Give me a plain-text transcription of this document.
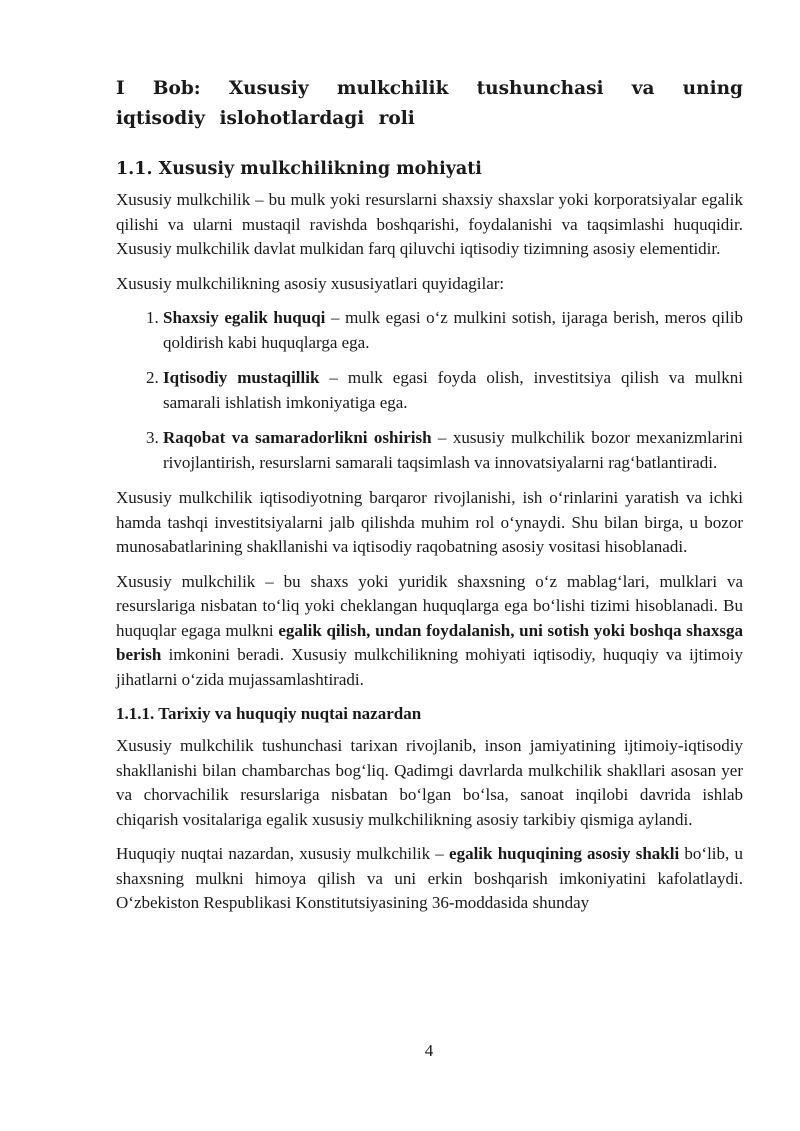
I Bob: Xususiy mulkchilik tushunchasi va uning iqtisodiy islohotlardagi roli
1.1. Xususiy mulkchilikning mohiyati

Xususiy mulkchilik – bu mulk yoki resurslarni shaxsiy shaxslar yoki korporatsiyalar egalik qilishi va ularni mustaqil ravishda boshqarishi, foydalanishi va taqsimlashi huquqidir. Xususiy mulkchilik davlat mulkidan farq qiluvchi iqtisodiy tizimning asosiy elementidir.

Xususiy mulkchilikning asosiy xususiyatlari quyidagilar:

1. Shaxsiy egalik huquqi – mulk egasi o‘z mulkini sotish, ijaraga berish, meros qilib qoldirish kabi huquqlarga ega.
2. Iqtisodiy mustaqillik – mulk egasi foyda olish, investitsiya qilish va mulkni samarali ishlatish imkoniyatiga ega.
3. Raqobat va samaradorlikni oshirish – xususiy mulkchilik bozor mexanizmlarini rivojlantirish, resurslarni samarali taqsimlash va innovatsiyalarni rag‘batlantiradi.

Xususiy mulkchilik iqtisodiyotning barqaror rivojlanishi, ish o‘rinlarini yaratish va ichki hamda tashqi investitsiyalarni jalb qilishda muhim rol o‘ynaydi. Shu bilan birga, u bozor munosabatlarining shakllanishi va iqtisodiy raqobatning asosiy vositasi hisoblanadi.

Xususiy mulkchilik – bu shaxs yoki yuridik shaxsning o‘z mablag‘lari, mulklari va resurslariga nisbatan to‘liq yoki cheklangan huquqlarga ega bo‘lishi tizimi hisoblanadi. Bu huquqlar egaga mulkni egalik qilish, undan foydalanish, uni sotish yoki boshqa shaxsga berish imkonini beradi. Xususiy mulkchilikning mohiyati iqtisodiy, huquqiy va ijtimoiy jihatlarni o‘zida mujassamlashtiradi.

1.1.1. Tarixiy va huquqiy nuqtai nazardan

Xususiy mulkchilik tushunchasi tarixan rivojlanib, inson jamiyatining ijtimoiy-iqtisodiy shakllanishi bilan chambarchas bog‘liq. Qadimgi davrlarda mulkchilik shakllari asosan yer va chorvachilik resurslariga nisbatan bo‘lgan bo‘lsa, sanoat inqilobi davrida ishlab chiqarish vositalariga egalik xususiy mulkchilikning asosiy tarkibiy qismiga aylandi.

Huquqiy nuqtai nazardan, xususiy mulkchilik – egalik huquqining asosiy shakli bo‘lib, u shaxsning mulkni himoya qilish va uni erkin boshqarish imkoniyatini kafolatlaydi. O‘zbekiston Respublikasi Konstitutsiyasining 36-moddasida shunday

4
